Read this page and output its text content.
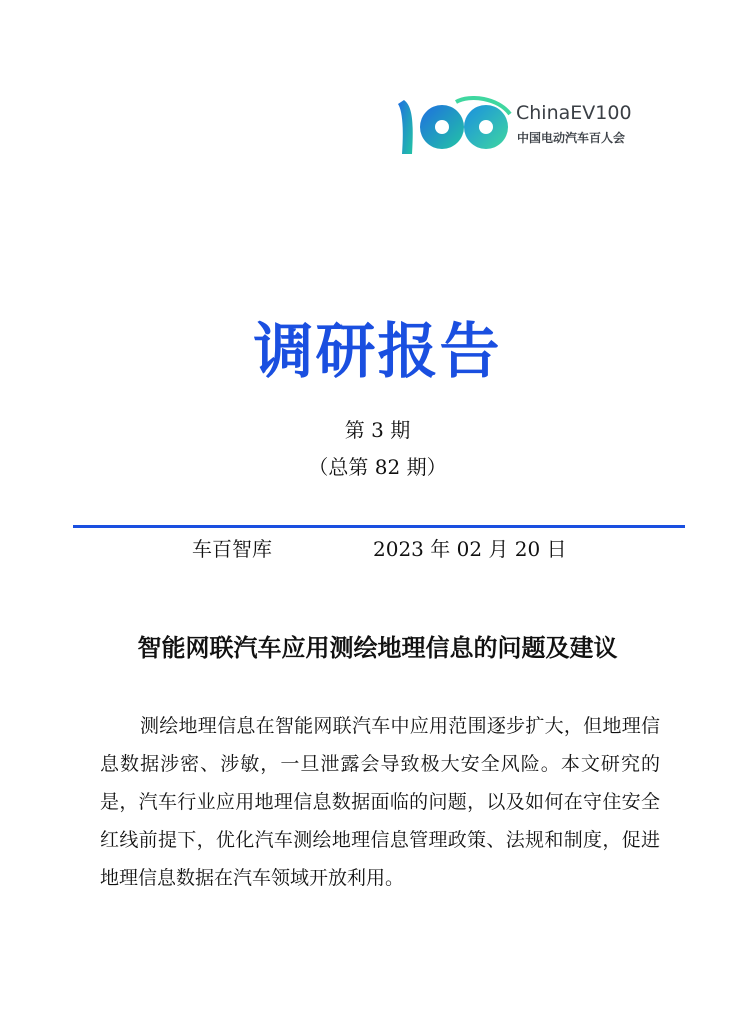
ChinaEV100
中国电动汽车百人会
调研报告
第 3 期
（总第 82 期）
车百智库	2023 年 02 月 20 日
智能网联汽车应用测绘地理信息的问题及建议

测绘地理信息在智能网联汽车中应用范围逐步扩大，但地理信息数据涉密、涉敏，一旦泄露会导致极大安全风险。本文研究的是，汽车行业应用地理信息数据面临的问题，以及如何在守住安全红线前提下，优化汽车测绘地理信息管理政策、法规和制度，促进地理信息数据在汽车领域开放利用。
